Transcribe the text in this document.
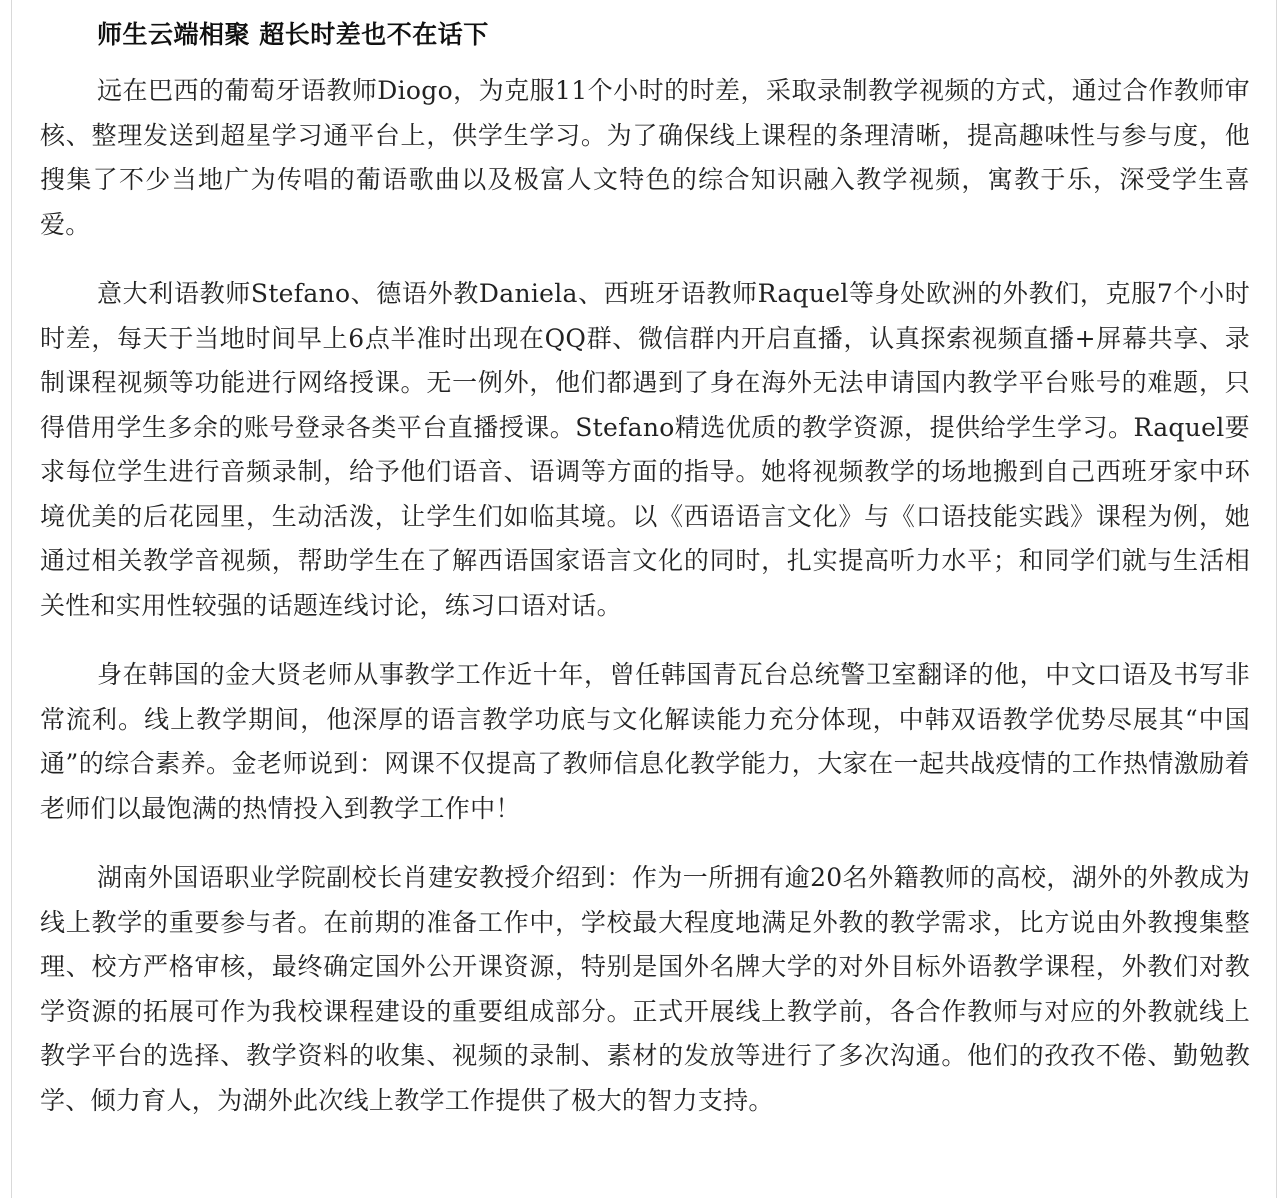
师生云端相聚 超长时差也不在话下

远在巴西的葡萄牙语教师Diogo，为克服11个小时的时差，采取录制教学视频的方式，通过合作教师审核、整理发送到超星学习通平台上，供学生学习。为了确保线上课程的条理清晰，提高趣味性与参与度，他搜集了不少当地广为传唱的葡语歌曲以及极富人文特色的综合知识融入教学视频，寓教于乐，深受学生喜爱。

意大利语教师Stefano、德语外教Daniela、西班牙语教师Raquel等身处欧洲的外教们，克服7个小时时差，每天于当地时间早上6点半准时出现在QQ群、微信群内开启直播，认真探索视频直播+屏幕共享、录制课程视频等功能进行网络授课。无一例外，他们都遇到了身在海外无法申请国内教学平台账号的难题，只得借用学生多余的账号登录各类平台直播授课。Stefano精选优质的教学资源，提供给学生学习。Raquel要求每位学生进行音频录制，给予他们语音、语调等方面的指导。她将视频教学的场地搬到自己西班牙家中环境优美的后花园里，生动活泼，让学生们如临其境。以《西语语言文化》与《口语技能实践》课程为例，她通过相关教学音视频，帮助学生在了解西语国家语言文化的同时，扎实提高听力水平；和同学们就与生活相关性和实用性较强的话题连线讨论，练习口语对话。

身在韩国的金大贤老师从事教学工作近十年，曾任韩国青瓦台总统警卫室翻译的他，中文口语及书写非常流利。线上教学期间，他深厚的语言教学功底与文化解读能力充分体现，中韩双语教学优势尽展其“中国通”的综合素养。金老师说到：网课不仅提高了教师信息化教学能力，大家在一起共战疫情的工作热情激励着老师们以最饱满的热情投入到教学工作中！

湖南外国语职业学院副校长肖建安教授介绍到：作为一所拥有逾20名外籍教师的高校，湖外的外教成为线上教学的重要参与者。在前期的准备工作中，学校最大程度地满足外教的教学需求，比方说由外教搜集整理、校方严格审核，最终确定国外公开课资源，特别是国外名牌大学的对外目标外语教学课程，外教们对教学资源的拓展可作为我校课程建设的重要组成部分。正式开展线上教学前，各合作教师与对应的外教就线上教学平台的选择、教学资料的收集、视频的录制、素材的发放等进行了多次沟通。他们的孜孜不倦、勤勉教学、倾力育人，为湖外此次线上教学工作提供了极大的智力支持。
